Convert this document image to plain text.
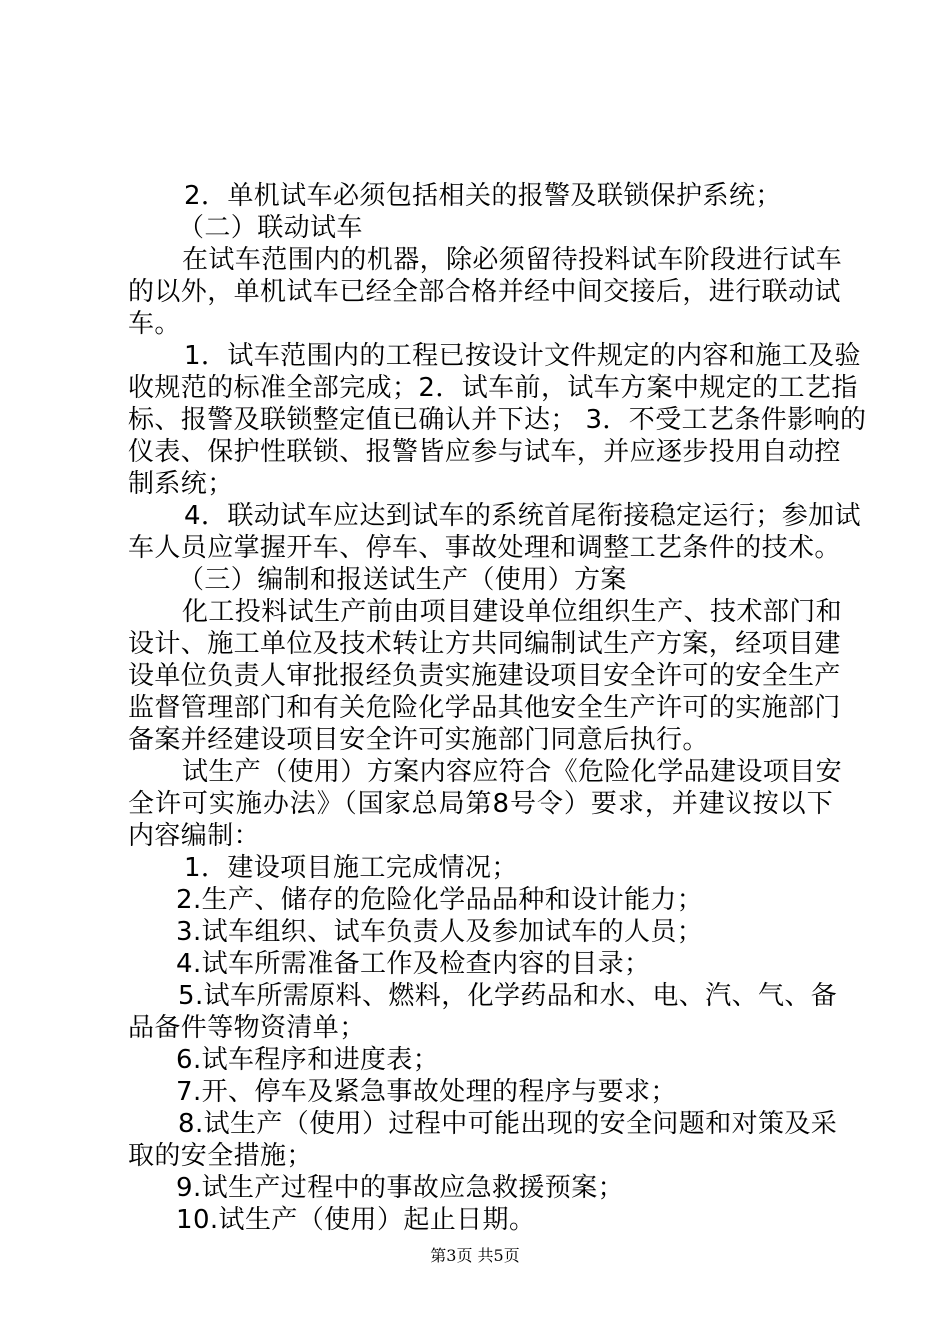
2．单机试车必须包括相关的报警及联锁保护系统；
（二）联动试车
在试车范围内的机器，除必须留待投料试车阶段进行试车
的以外，单机试车已经全部合格并经中间交接后，进行联动试
车。
1．试车范围内的工程已按设计文件规定的内容和施工及验
收规范的标准全部完成；2．试车前，试车方案中规定的工艺指
标、报警及联锁整定值已确认并下达； 3．不受工艺条件影响的
仪表、保护性联锁、报警皆应参与试车，并应逐步投用自动控
制系统；
4．联动试车应达到试车的系统首尾衔接稳定运行；参加试
车人员应掌握开车、停车、事故处理和调整工艺条件的技术。
（三）编制和报送试生产（使用）方案
化工投料试生产前由项目建设单位组织生产、技术部门和
设计、施工单位及技术转让方共同编制试生产方案，经项目建
设单位负责人审批报经负责实施建设项目安全许可的安全生产
监督管理部门和有关危险化学品其他安全生产许可的实施部门
备案并经建设项目安全许可实施部门同意后执行。
试生产（使用）方案内容应符合《危险化学品建设项目安
全许可实施办法》（国家总局第8号令）要求，并建议按以下
内容编制：
1．建设项目施工完成情况；
2.生产、储存的危险化学品品种和设计能力；
3.试车组织、试车负责人及参加试车的人员；
4.试车所需准备工作及检查内容的目录；
5.试车所需原料、燃料，化学药品和水、电、汽、气、备
品备件等物资清单；
6.试车程序和进度表；
7.开、停车及紧急事故处理的程序与要求；
8.试生产（使用）过程中可能出现的安全问题和对策及采
取的安全措施；
9.试生产过程中的事故应急救援预案；
10.试生产（使用）起止日期。
第3页 共5页
